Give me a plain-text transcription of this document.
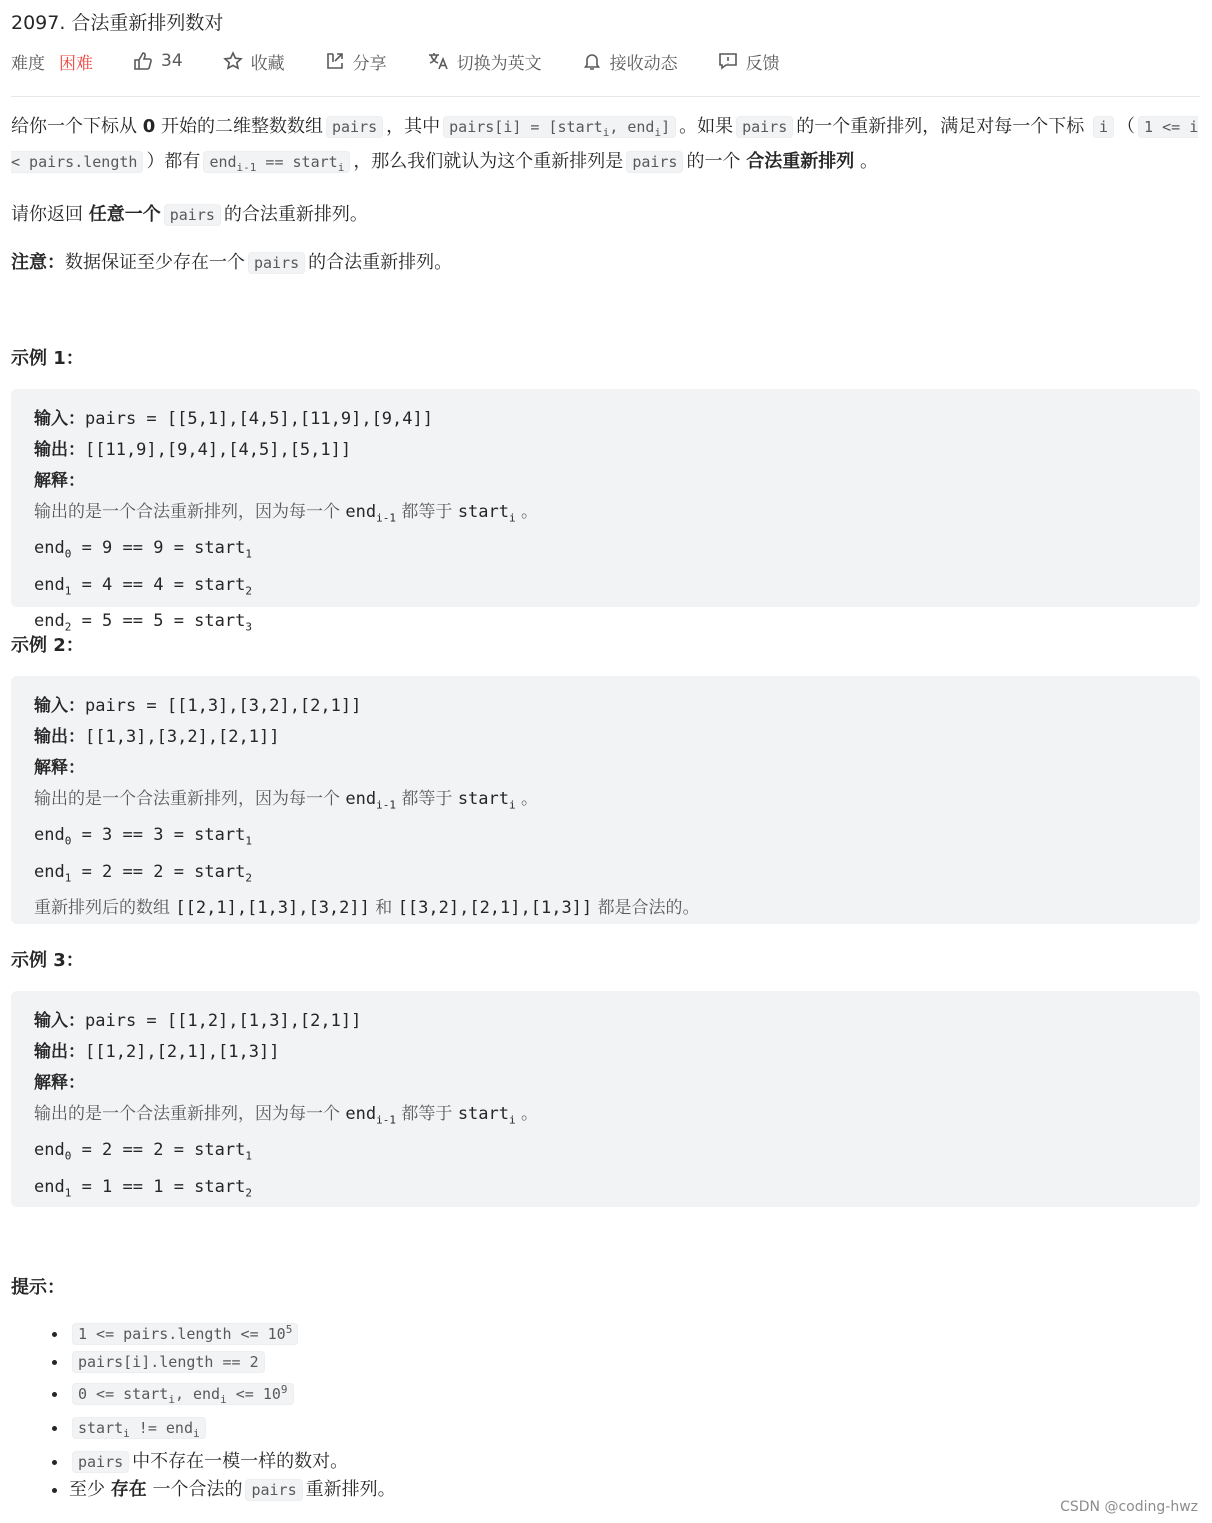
2097. 合法重新排列数对
难度 困难	34	收藏	分享	切换为英文	接收动态	反馈

给你一个下标从 0 开始的二维整数数组 pairs ，其中 pairs[i] = [start$_i$, end$_i$] 。如果 pairs 的一个重新排列，满足对每一个下标 i （ 1 <= i < pairs.length ）都有 end$_{i-1}$ == start$_i$ ，那么我们就认为这个重新排列是 pairs 的一个 合法重新排列 。

请你返回 任意一个 pairs 的合法重新排列。

注意：数据保证至少存在一个 pairs 的合法重新排列。

示例 1：

输入：pairs = [[5,1],[4,5],[11,9],[9,4]]
输出：[[11,9],[9,4],[4,5],[5,1]]
解释：
输出的是一个合法重新排列，因为每一个 end$_{i-1}$ 都等于 start$_i$ 。
end$_0$ = 9 == 9 = start$_1$
end$_1$ = 4 == 4 = start$_2$
end$_2$ = 5 == 5 = start$_3$

示例 2：

输入：pairs = [[1,3],[3,2],[2,1]]
输出：[[1,3],[3,2],[2,1]]
解释：
输出的是一个合法重新排列，因为每一个 end$_{i-1}$ 都等于 start$_i$ 。
end$_0$ = 3 == 3 = start$_1$
end$_1$ = 2 == 2 = start$_2$
重新排列后的数组 [[2,1],[1,3],[3,2]] 和 [[3,2],[2,1],[1,3]] 都是合法的。

示例 3：

输入：pairs = [[1,2],[1,3],[2,1]]
输出：[[1,2],[2,1],[1,3]]
解释：
输出的是一个合法重新排列，因为每一个 end$_{i-1}$ 都等于 start$_i$ 。
end$_0$ = 2 == 2 = start$_1$
end$_1$ = 1 == 1 = start$_2$

提示：

• 1 <= pairs.length <= $10^5$
• pairs[i].length == 2
• 0 <= start$_i$, $end_i <= 10^9$
• start$_i$ != end$_i$
• pairs 中不存在一模一样的数对。
• 至少 存在 一个合法的 pairs 重新排列。
CSDN @coding-hwz
